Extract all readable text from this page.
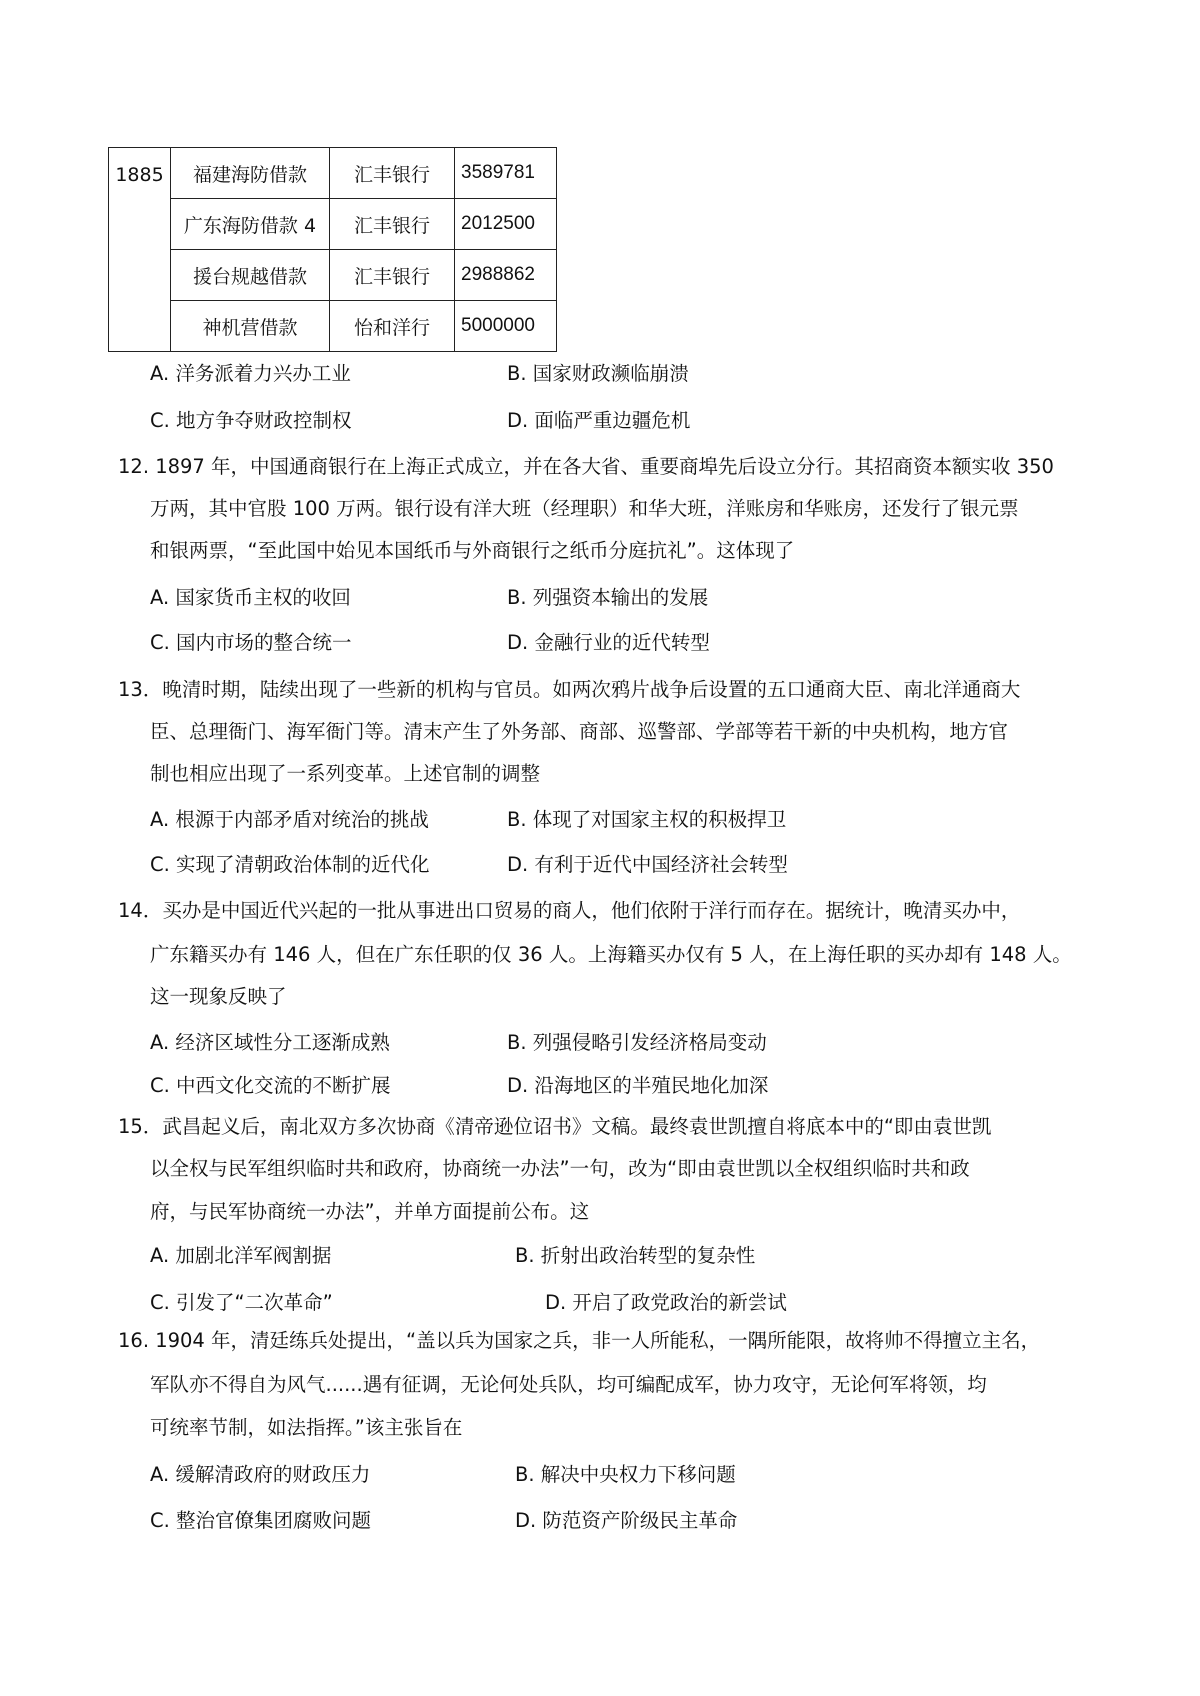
1885	福建海防借款	汇丰银行	3589781
	广东海防借款 4	汇丰银行	2012500
	援台规越借款	汇丰银行	2988862
	神机营借款	怡和洋行	5000000
A. 洋务派着力兴办工业	B. 国家财政濒临崩溃
C. 地方争夺财政控制权	D. 面临严重边疆危机
12. 1897 年，中国通商银行在上海正式成立，并在各大省、重要商埠先后设立分行。其招商资本额实收 350
万两，其中官股 100 万两。银行设有洋大班（经理职）和华大班，洋账房和华账房，还发行了银元票
和银两票，“至此国中始见本国纸币与外商银行之纸币分庭抗礼”。这体现了
A. 国家货币主权的收回	B. 列强资本输出的发展
C. 国内市场的整合统一	D. 金融行业的近代转型
13．晚清时期，陆续出现了一些新的机构与官员。如两次鸦片战争后设置的五口通商大臣、南北洋通商大
臣、总理衙门、海军衙门等。清末产生了外务部、商部、巡警部、学部等若干新的中央机构，地方官
制也相应出现了一系列变革。上述官制的调整
A. 根源于内部矛盾对统治的挑战	B. 体现了对国家主权的积极捍卫
C. 实现了清朝政治体制的近代化	D. 有利于近代中国经济社会转型
14．买办是中国近代兴起的一批从事进出口贸易的商人，他们依附于洋行而存在。据统计，晚清买办中，
广东籍买办有 146 人，但在广东任职的仅 36 人。上海籍买办仅有 5 人，在上海任职的买办却有 148 人。
这一现象反映了
A. 经济区域性分工逐渐成熟	B. 列强侵略引发经济格局变动
C. 中西文化交流的不断扩展	D. 沿海地区的半殖民地化加深
15．武昌起义后，南北双方多次协商《清帝逊位诏书》文稿。最终袁世凯擅自将底本中的“即由袁世凯
以全权与民军组织临时共和政府，协商统一办法”一句，改为“即由袁世凯以全权组织临时共和政
府，与民军协商统一办法”，并单方面提前公布。这
A. 加剧北洋军阀割据	B. 折射出政治转型的复杂性
C. 引发了“二次革命”	D. 开启了政党政治的新尝试
16. 1904 年，清廷练兵处提出，“盖以兵为国家之兵，非一人所能私，一隅所能限，故将帅不得擅立主名，
军队亦不得自为风气......遇有征调，无论何处兵队，均可编配成军，协力攻守，无论何军将领，均
可统率节制，如法指挥。”该主张旨在
A. 缓解清政府的财政压力	B. 解决中央权力下移问题
C. 整治官僚集团腐败问题	D. 防范资产阶级民主革命
